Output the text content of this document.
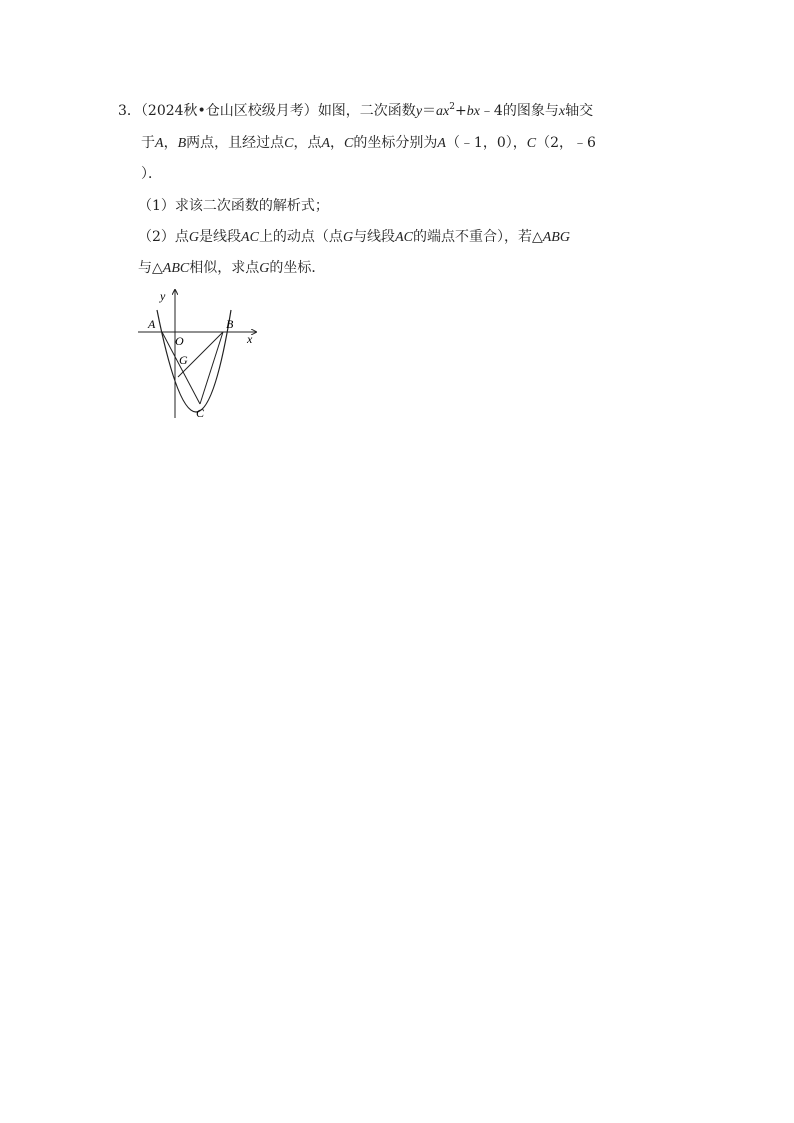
3．（2024秋•仓山区校级月考）如图，二次函数$y=ax^2+bx﹣4$的图象与x轴交
于A，B两点，且经过点C，点A，C的坐标分别为A（﹣1，0），C（2，﹣6
）．
（1）求该二次函数的解析式；
（2）点G是线段AC上的动点（点G与线段AC的端点不重合），若△ABG
与△ABC相似，求点G的坐标．
y
x
A	B
O
G
C
